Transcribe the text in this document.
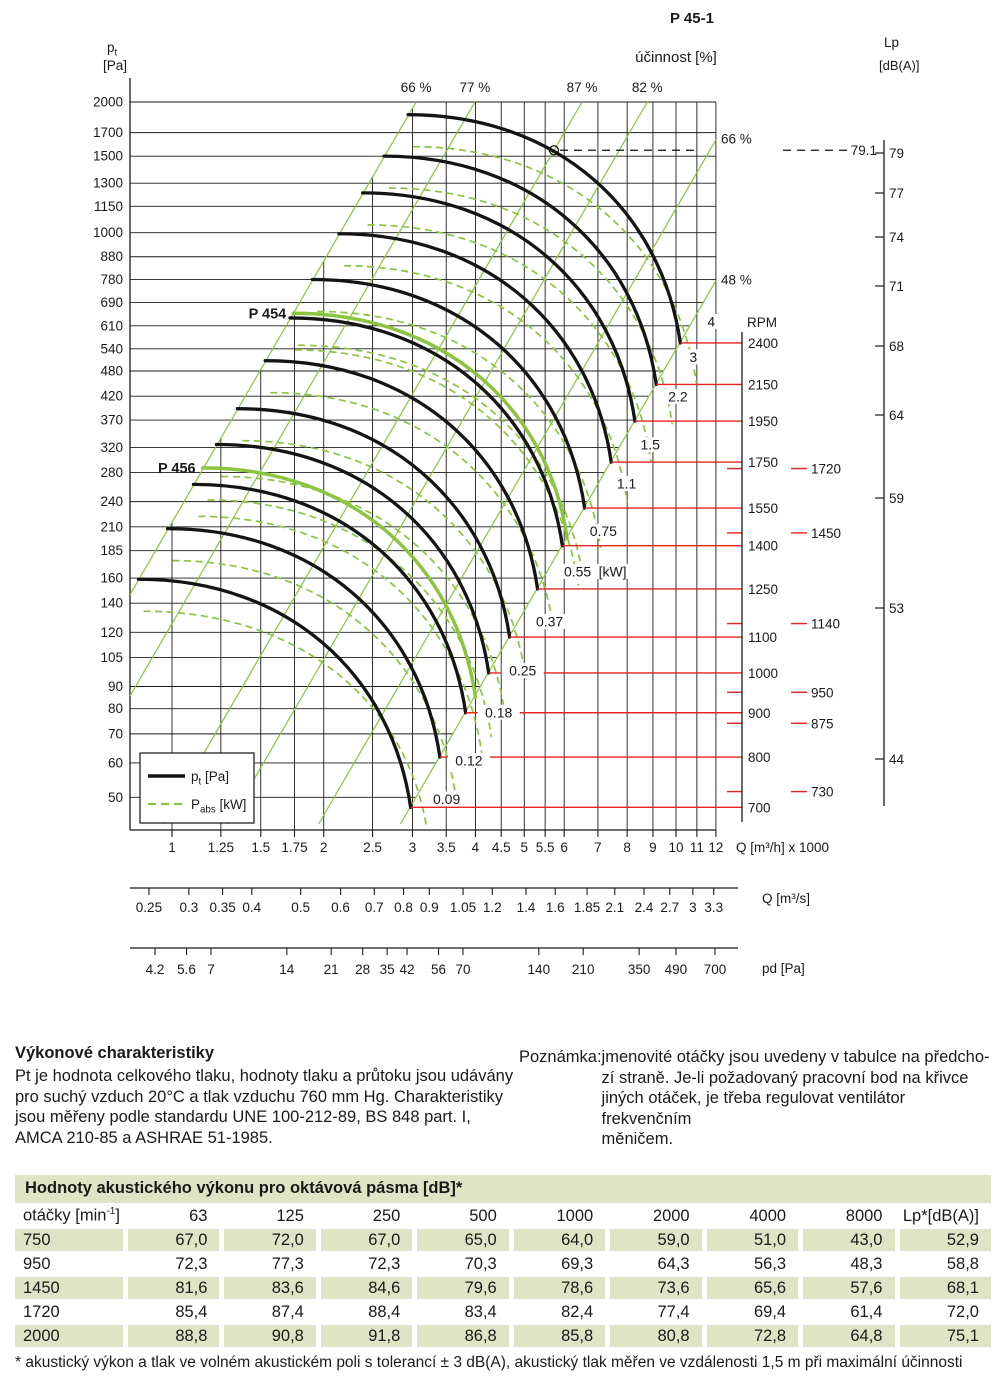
2000
1700
1500
1300
1150
1000
880
780
690
610
540
480
420
370
320
280
240
210
185
160
140
120
105
90
80
70
60
50
1 1.25 1.5 1.75 2	2.5 3 3.5 4 4.5 5 5.5 6 7 8 9 10 11 12 Q [m³/h] x 1000
0.25 0.3 0.35 0.4 0.5 0.6 0.7 0.8 0.9 1.05 1.2 1.4 1.6 1.85 2.1 2.4 2.7 3 3.3
Q [m³/s]
4.2 5.6 7	14 21 28 35 42 56 70	140 210 350 490 700	pd [Pa]
66 % 77 %	87 %	82 %
66 %
48 %
P 454
P 456
2400
2150
1950
1750
1550
1400
1250
1100
1000
900
800
700
1720
1450
1140
950
875
730
RPM
4
3
2.2
1.5
1.1
0.75
0.55 [kW]
0.37
0.25
0.18
0.12
0.09
79.1 79
77
74
71
68
64
59
53
44
Lp
[dB(A)]
$p_t$ [Pa]
$P_{abs}$ [kW]
P 45-1
účinnost [%]
$p_t$
[Pa]
Výkonové charakteristiky
Pt je hodnota celkového tlaku, hodnoty tlaku a průtoku jsou udávány
pro suchý vzduch 20°C a tlak vzduchu 760 mm Hg. Charakteristiky
jsou měřeny podle standardu UNE 100-212-89, BS 848 part. I,
AMCA 210-85 a ASHRAE 51-1985.
Poznámka: jmenovité otáčky jsou uvedeny v tabulce na předcho-
zí straně. Je-li požadovaný pracovní bod na křivce
jiných otáček, je třeba regulovat ventilátor frekvenčním
měničem.
Hodnoty akustického výkonu pro oktávová pásma [dB]*
otáčky $[\min^{-1}]$	63	125	250	500	1000	2000	4000	8000	Lp*[dB(A)]
750	67,0	72,0	67,0	65,0	64,0	59,0	51,0	43,0	52,9
950	72,3	77,3	72,3	70,3	69,3	64,3	56,3	48,3	58,8
1450	81,6	83,6	84,6	79,6	78,6	73,6	65,6	57,6	68,1
1720	85,4	87,4	88,4	83,4	82,4	77,4	69,4	61,4	72,0
2000	88,8	90,8	91,8	86,8	85,8	80,8	72,8	64,8	75,1
* akustický výkon a tlak ve volném akustickém poli s tolerancí ± 3 dB(A), akustický tlak měřen ve vzdálenosti 1,5 m při maximální účinnosti
